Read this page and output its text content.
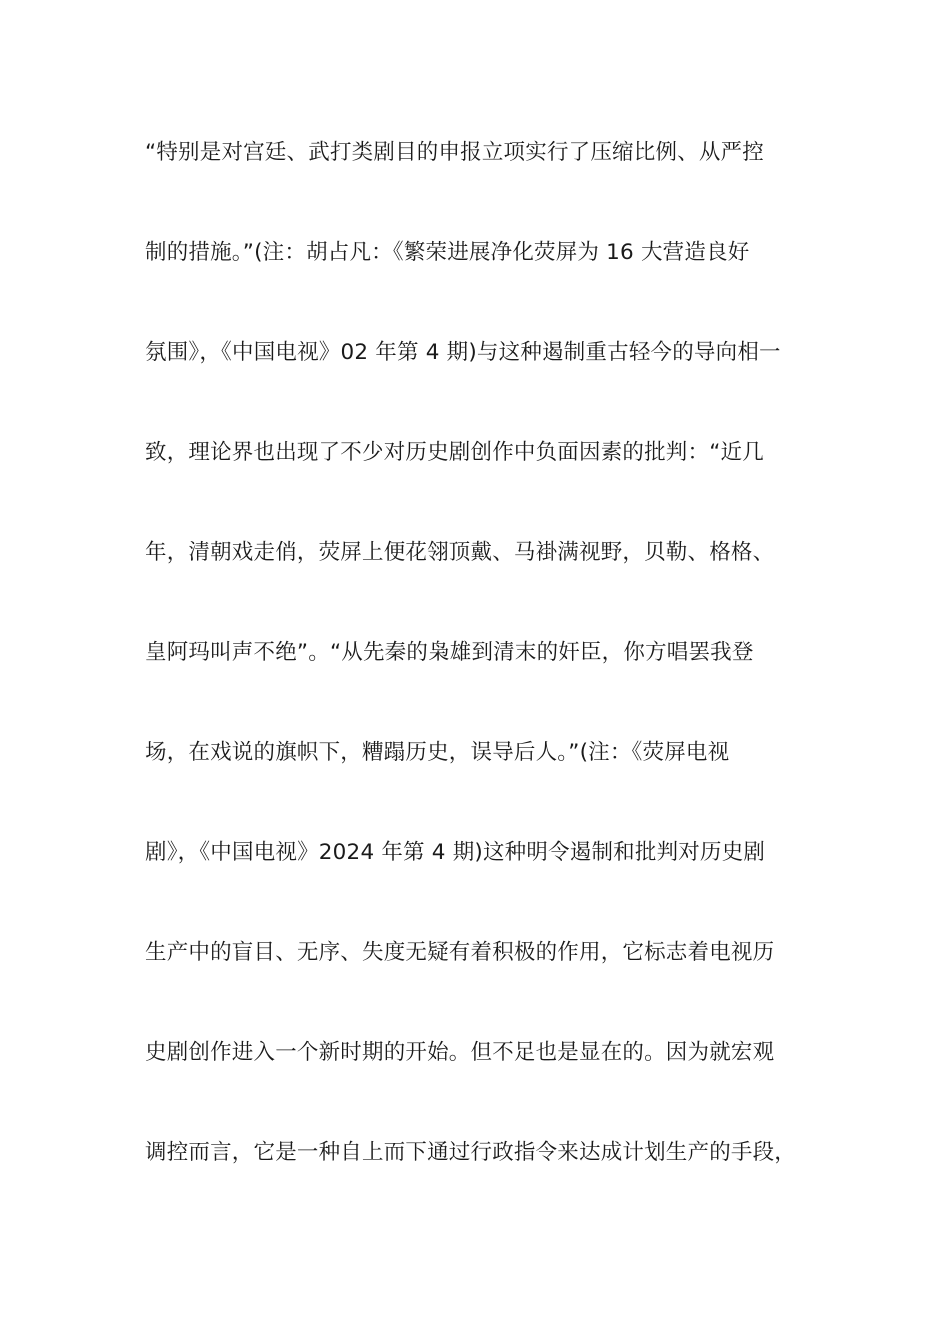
“特别是对宫廷、武打类剧目的申报立项实行了压缩比例、从严控
制的措施。”(注：胡占凡：《繁荣进展净化荧屏为 16 大营造良好
氛围》，《中国电视》02 年第 4 期)与这种遏制重古轻今的导向相一
致，理论界也出现了不少对历史剧创作中负面因素的批判：“近几
年，清朝戏走俏，荧屏上便花翎顶戴、马褂满视野，贝勒、格格、
皇阿玛叫声不绝”。“从先秦的枭雄到清末的奸臣，你方唱罢我登
场，在戏说的旗帜下，糟蹋历史，误导后人。”(注：《荧屏电视
剧》，《中国电视》2024 年第 4 期)这种明令遏制和批判对历史剧
生产中的盲目、无序、失度无疑有着积极的作用，它标志着电视历
史剧创作进入一个新时期的开始。但不足也是显在的。因为就宏观
调控而言，它是一种自上而下通过行政指令来达成计划生产的手段，
